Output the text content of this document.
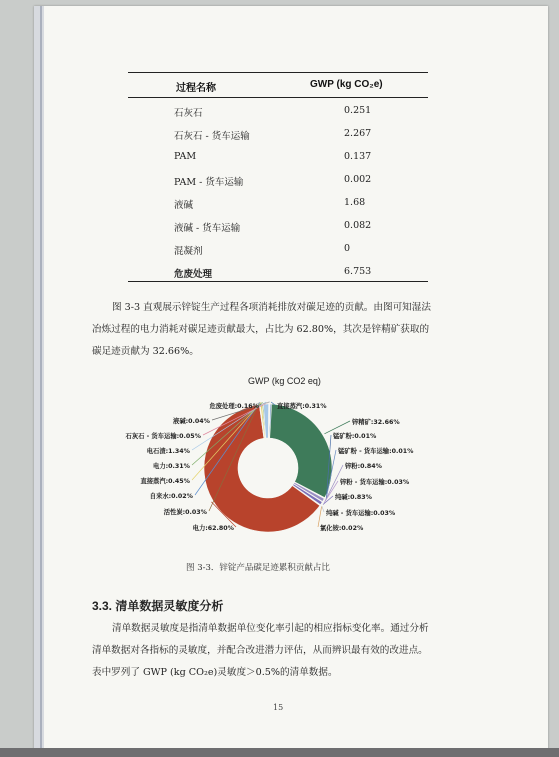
过程名称	GWP (kg CO₂e)
石灰石	0.251
石灰石 - 货车运输	2.267
PAM	0.137
PAM - 货车运输	0.002
液碱	1.68
液碱 - 货车运输	0.082
混凝剂	0
危废处理	6.753
图 3-3 直观展示锌锭生产过程各项消耗排放对碳足迹的贡献。由图可知湿法
冶炼过程的电力消耗对碳足迹贡献最大，占比为 62.80%，其次是锌精矿获取的
碳足迹贡献为 32.66%。
GWP (kg CO2 eq)
锌精矿:32.66%
锰矿粉:0.01%
锰矿粉 - 货车运输:0.01%
锌粉:0.84%
锌粉 - 货车运输:0.03%
纯碱:0.83%
纯碱 - 货车运输:0.03%
氯化铵:0.02%
电力:62.80%
活性炭:0.03%
自来水:0.02%
直接蒸汽:0.45%
电力:0.31%
电石渣:1.34%
石灰石 - 货车运输:0.05%
液碱:0.04%
危废处理:0.16%	直接蒸汽:0.31%
图 3-3．锌锭产品碳足迹累积贡献占比
3.3. 清单数据灵敏度分析
清单数据灵敏度是指清单数据单位变化率引起的相应指标变化率。通过分析
清单数据对各指标的灵敏度，并配合改进潜力评估，从而辨识最有效的改进点。
表中罗列了 GWP (kg CO₂e)灵敏度＞0.5%的清单数据。
15
